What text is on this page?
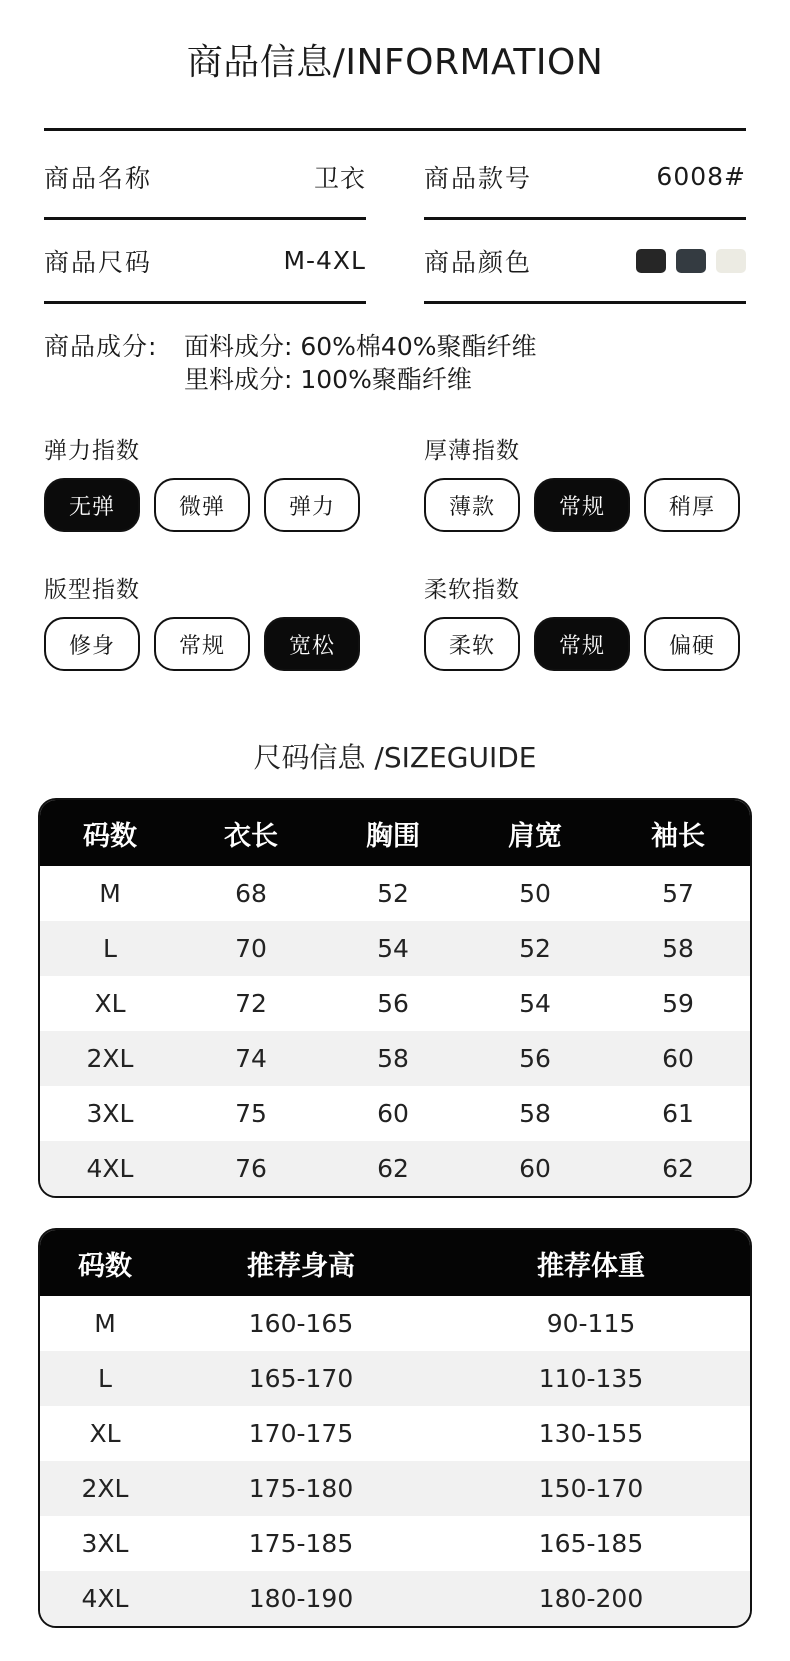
商品信息/INFORMATION
商品名称	卫衣 商品款号	6008#
商品尺码	M-4XL 商品颜色
商品成分:	面料成分: 60%棉40%聚酯纤维
里料成分: 100%聚酯纤维
弹力指数
无弹	微弹	弹力
厚薄指数
薄款	常规	稍厚
版型指数
修身	常规	宽松
柔软指数
柔软	常规	偏硬
尺码信息 /SIZEGUIDE
码数	衣长	胸围	肩宽	袖长
M	68	52	50	57
L	70	54	52	58
XL	72	56	54	59
2XL	74	58	56	60
3XL	75	60	58	61
4XL	76	62	60	62
码数	推荐身高	推荐体重
M	160-165	90-115
L	165-170	110-135
XL	170-175	130-155
2XL	175-180	150-170
3XL	175-185	165-185
4XL	180-190	180-200
